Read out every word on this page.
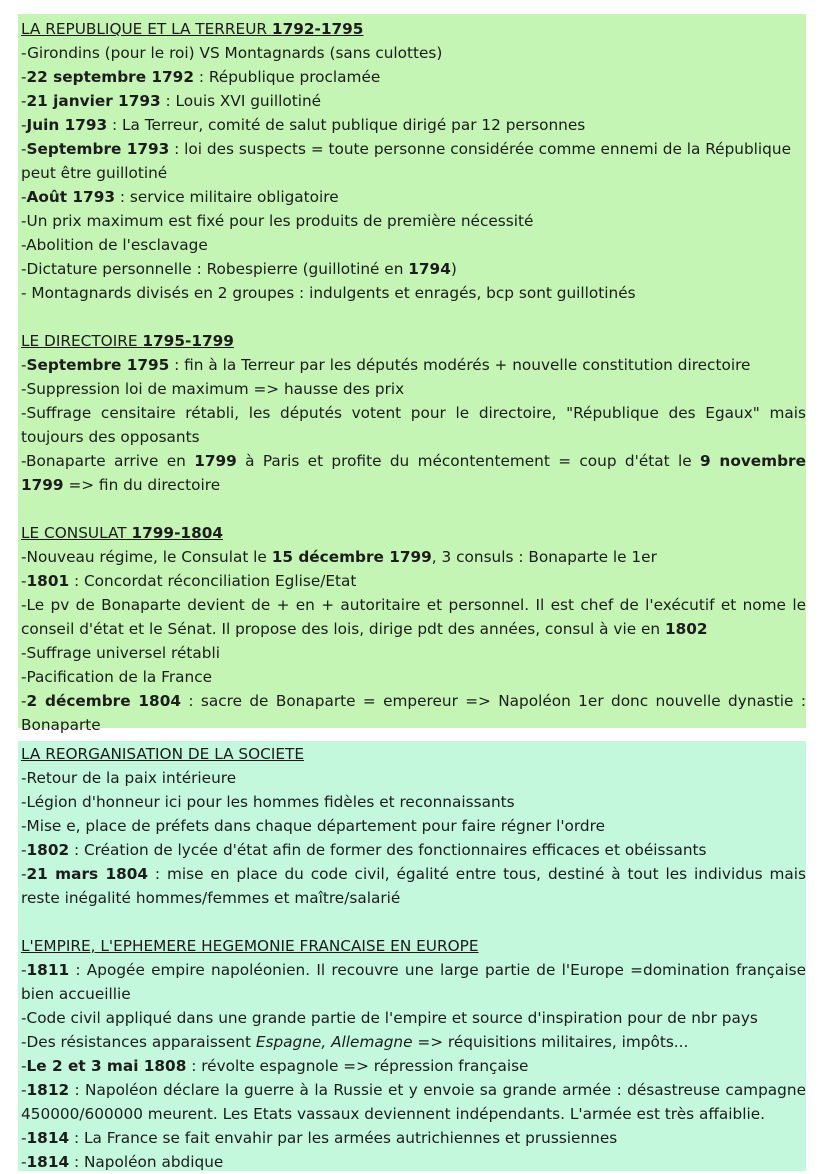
LA REPUBLIQUE ET LA TERREUR 1792-1795
-Girondins (pour le roi) VS Montagnards (sans culottes)
-22 septembre 1792 : République proclamée
-21 janvier 1793 : Louis XVI guillotiné
-Juin 1793 : La Terreur, comité de salut publique dirigé par 12 personnes
-Septembre 1793 : loi des suspects = toute personne considérée comme ennemi de la République
peut être guillotiné
-Août 1793 : service militaire obligatoire
-Un prix maximum est fixé pour les produits de première nécessité
-Abolition de l'esclavage
-Dictature personnelle : Robespierre (guillotiné en 1794)
- Montagnards divisés en 2 groupes : indulgents et enragés, bcp sont guillotinés
LE DIRECTOIRE 1795-1799
-Septembre 1795 : fin à la Terreur par les députés modérés + nouvelle constitution directoire
-Suppression loi de maximum => hausse des prix
-Suffrage censitaire rétabli, les députés votent pour le directoire, "République des Egaux" mais
toujours des opposants
-Bonaparte arrive en 1799 à Paris et profite du mécontentement = coup d'état le 9 novembre
1799 => fin du directoire
LE CONSULAT 1799-1804
-Nouveau régime, le Consulat le 15 décembre 1799, 3 consuls : Bonaparte le 1er
-1801 : Concordat réconciliation Eglise/Etat
-Le pv de Bonaparte devient de + en + autoritaire et personnel. Il est chef de l'exécutif et nome le
conseil d'état et le Sénat. Il propose des lois, dirige pdt des années, consul à vie en 1802
-Suffrage universel rétabli
-Pacification de la France
-2 décembre 1804 : sacre de Bonaparte = empereur => Napoléon 1er donc nouvelle dynastie :
Bonaparte
LA REORGANISATION DE LA SOCIETE
-Retour de la paix intérieure
-Légion d'honneur ici pour les hommes fidèles et reconnaissants
-Mise e, place de préfets dans chaque département pour faire régner l'ordre
-1802 : Création de lycée d'état afin de former des fonctionnaires efficaces et obéissants
-21 mars 1804 : mise en place du code civil, égalité entre tous, destiné à tout les individus mais
reste inégalité hommes/femmes et maître/salarié
L'EMPIRE, L'EPHEMERE HEGEMONIE FRANCAISE EN EUROPE
-1811 : Apogée empire napoléonien. Il recouvre une large partie de l'Europe =domination française
bien accueillie
-Code civil appliqué dans une grande partie de l'empire et source d'inspiration pour de nbr pays
-Des résistances apparaissent Espagne, Allemagne => réquisitions militaires, impôts...
-Le 2 et 3 mai 1808 : révolte espagnole => répression française
-1812 : Napoléon déclare la guerre à la Russie et y envoie sa grande armée : désastreuse campagne
450000/600000 meurent. Les Etats vassaux deviennent indépendants. L'armée est très affaiblie.
-1814 : La France se fait envahir par les armées autrichiennes et prussiennes
-1814 : Napoléon abdique
